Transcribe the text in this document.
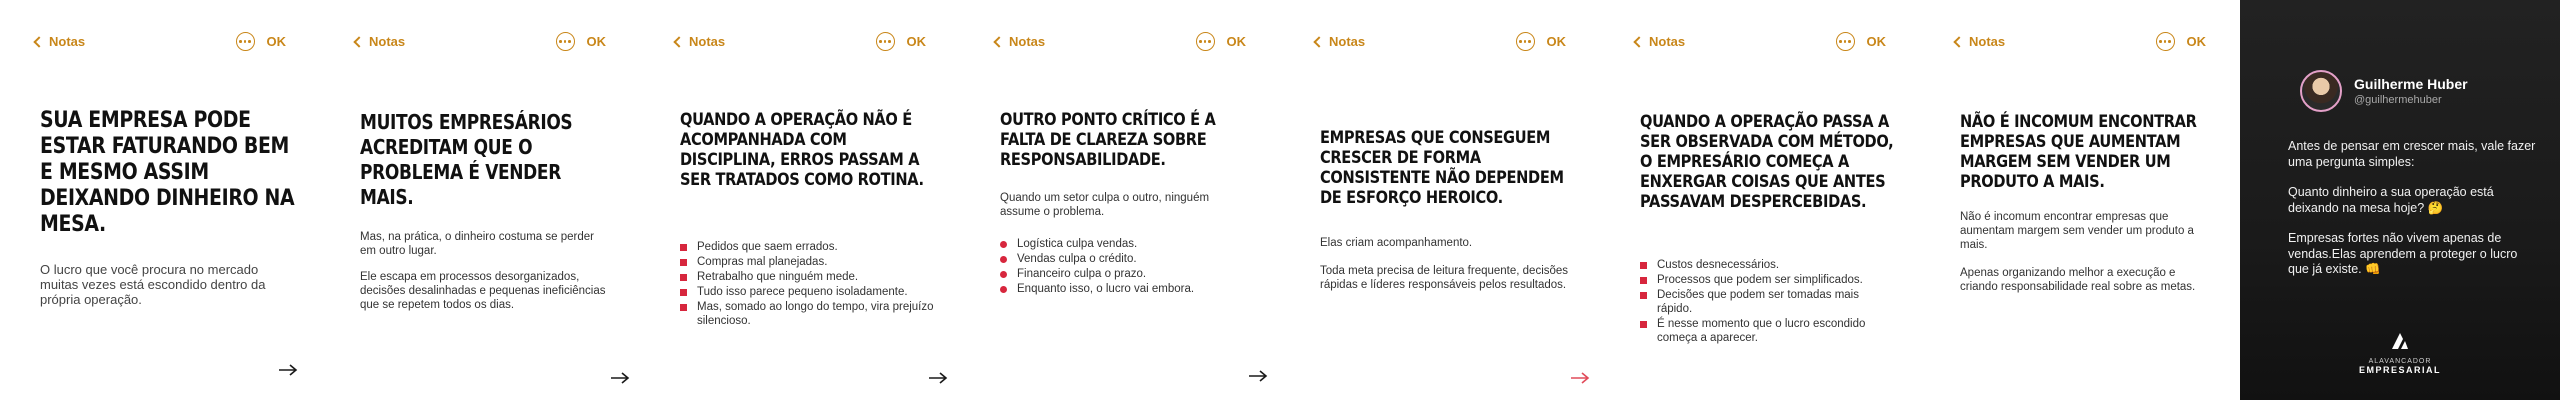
Notas	OK
SUA EMPRESA PODE ESTAR FATURANDO BEM E MESMO ASSIM DEIXANDO DINHEIRO NA MESA.

O lucro que você procura no mercado muitas vezes está escondido dentro da própria operação.

Notas	OK
MUITOS EMPRESÁRIOS ACREDITAM QUE O PROBLEMA É VENDER MAIS.

Mas, na prática, o dinheiro costuma se perder em outro lugar.

Ele escapa em processos desorganizados, decisões desalinhadas e pequenas ineficiências que se repetem todos os dias.

Notas	OK
QUANDO A OPERAÇÃO NÃO É ACOMPANHADA COM DISCIPLINA, ERROS PASSAM A SER TRATADOS COMO ROTINA.
Pedidos que saem errados.
Compras mal planejadas.
Retrabalho que ninguém mede.
Tudo isso parece pequeno isoladamente.
Mas, somado ao longo do tempo, vira prejuízo silencioso.
Notas	OK
OUTRO PONTO CRÍTICO É A FALTA DE CLAREZA SOBRE RESPONSABILIDADE.

Quando um setor culpa o outro, ninguém assume o problema.

Logística culpa vendas.
Vendas culpa o crédito.
Financeiro culpa o prazo.
Enquanto isso, o lucro vai embora.
Notas	OK
EMPRESAS QUE CONSEGUEM CRESCER DE FORMA CONSISTENTE NÃO DEPENDEM DE ESFORÇO HEROICO.

Elas criam acompanhamento.

Toda meta precisa de leitura frequente, decisões rápidas e líderes responsáveis pelos resultados.

Notas	OK
QUANDO A OPERAÇÃO PASSA A SER OBSERVADA COM MÉTODO, O EMPRESÁRIO COMEÇA A ENXERGAR COISAS QUE ANTES PASSAVAM DESPERCEBIDAS.
Custos desnecessários.
Processos que podem ser simplificados.
Decisões que podem ser tomadas mais rápido.
É nesse momento que o lucro escondido começa a aparecer.
Notas	OK
NÃO É INCOMUM ENCONTRAR EMPRESAS QUE AUMENTAM MARGEM SEM VENDER UM PRODUTO A MAIS.

Não é incomum encontrar empresas que aumentam margem sem vender um produto a mais.

Apenas organizando melhor a execução e criando responsabilidade real sobre as metas.

Guilherme Huber
@guilhermehuber

Antes de pensar em crescer mais, vale fazer uma pergunta simples:

Quanto dinheiro a sua operação está deixando na mesa hoje? 🤔

Empresas fortes não vivem apenas de vendas.Elas aprendem a proteger o lucro que já existe. 👊

ALAVANCADOR
EMPRESARIAL
